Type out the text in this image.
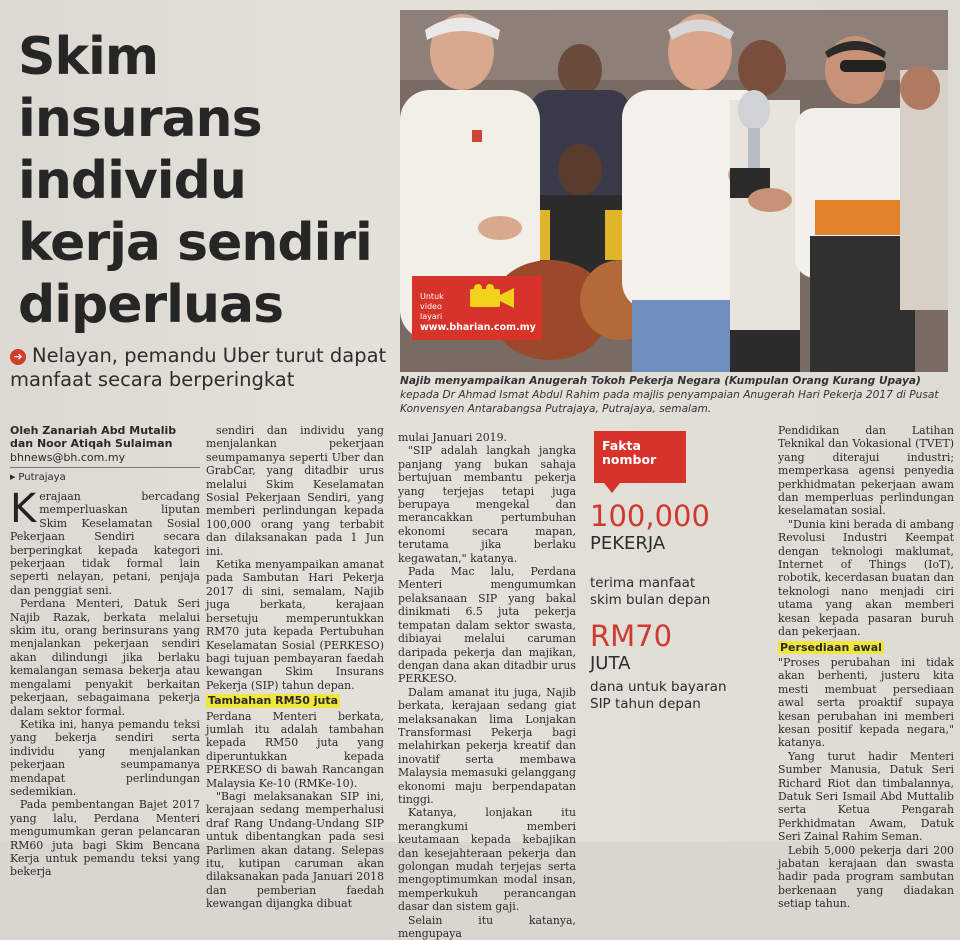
Skim insurans individu kerja sendiri diperluas
➔ Nelayan, pemandu Uber turut dapat manfaat secara berperingkat
Untuk video layari
www.bharian.com.my
Najib menyampaikan Anugerah Tokoh Pekerja Negara (Kumpulan Orang Kurang Upaya) kepada Dr Ahmad Ismat Abdul Rahim pada majlis penyampaian Anugerah Hari Pekerja 2017 di Pusat Konvensyen Antarabangsa Putrajaya, Putrajaya, semalam.
Oleh Zanariah Abd Mutalib dan Noor Atiqah Sulaiman
bhnews@bh.com.my
▶ Putrajaya

Kerajaan bercadang memperluaskan liputan Skim Keselamatan Sosial Pekerjaan Sendiri secara berperingkat kepada kategori pekerjaan tidak formal lain seperti nelayan, petani, penjaja dan penggiat seni.

Perdana Menteri, Datuk Seri Najib Razak, berkata melalui skim itu, orang berinsurans yang menjalankan pekerjaan sendiri akan dilindungi jika berlaku kemalangan semasa bekerja atau mengalami penyakit berkaitan pekerjaan, sebagaimana pekerja dalam sektor formal.

Ketika ini, hanya pemandu teksi yang bekerja sendiri serta individu yang menjalankan pekerjaan seumpamanya mendapat perlindungan sedemikian.

Pada pembentangan Bajet 2017 yang lalu, Perdana Menteri mengumumkan geran pelancaran RM60 juta bagi Skim Bencana Kerja untuk pemandu teksi yang bekerja

sendiri dan individu yang menjalankan pekerjaan seumpamanya seperti Uber dan GrabCar, yang ditadbir urus melalui Skim Keselamatan Sosial Pekerjaan Sendiri, yang memberi perlindungan kepada 100,000 orang yang terbabit dan dilaksanakan pada 1 Jun ini.

Ketika menyampaikan amanat pada Sambutan Hari Pekerja 2017 di sini, semalam, Najib juga berkata, kerajaan bersetuju memperuntukkan RM70 juta kepada Pertubuhan Keselamatan Sosial (PERKESO) bagi tujuan pembayaran faedah kewangan Skim Insurans Pekerja (SIP) tahun depan.

Tambahan RM50 juta

Perdana Menteri berkata, jumlah itu adalah tambahan kepada RM50 juta yang diperuntukkan kepada PERKESO di bawah Rancangan Malaysia Ke-10 (RMKe-10).

"Bagi melaksanakan SIP ini, kerajaan sedang memperhalusi draf Rang Undang-Undang SIP untuk dibentangkan pada sesi Parlimen akan datang. Selepas itu, kutipan caruman akan dilaksanakan pada Januari 2018 dan pemberian faedah kewangan dijangka dibuat

mulai Januari 2019.

"SIP adalah langkah jangka panjang yang bukan sahaja bertujuan membantu pekerja yang terjejas tetapi juga berupaya mengekal dan merancakkan pertumbuhan ekonomi secara mapan, terutama jika berlaku kegawatan," katanya.

Pada Mac lalu, Perdana Menteri mengumumkan pelaksanaan SIP yang bakal dinikmati 6.5 juta pekerja tempatan dalam sektor swasta, dibiayai melalui caruman daripada pekerja dan majikan, dengan dana akan ditadbir urus PERKESO.

Dalam amanat itu juga, Najib berkata, kerajaan sedang giat melaksanakan lima Lonjakan Transformasi Pekerja bagi melahirkan pekerja kreatif dan inovatif serta membawa Malaysia memasuki gelanggang ekonomi maju berpendapatan tinggi.

Katanya, lonjakan itu merangkumi memberi keutamaan kepada kebajikan dan kesejahteraan pekerja dan golongan mudah terjejas serta mengoptimumkan modal insan, memperkukuh perancangan dasar dan sistem gaji.

Selain itu katanya, mengupaya

Fakta nombor
100,000
PEKERJA
terima manfaat skim bulan depan
RM70
JUTA
dana untuk bayaran SIP tahun depan

Pendidikan dan Latihan Teknikal dan Vokasional (TVET) yang diterajui industri; memperkasa agensi penyedia perkhidmatan pekerjaan awam dan memperluas perlindungan keselamatan sosial.

"Dunia kini berada di ambang Revolusi Industri Keempat dengan teknologi maklumat, Internet of Things (IoT), robotik, kecerdasan buatan dan teknologi nano menjadi ciri utama yang akan memberi kesan kepada pasaran buruh dan pekerjaan.

Persediaan awal

"Proses perubahan ini tidak akan berhenti, justeru kita mesti membuat persediaan awal serta proaktif supaya kesan perubahan ini memberi kesan positif kepada negara," katanya.

Yang turut hadir Menteri Sumber Manusia, Datuk Seri Richard Riot dan timbalannya, Datuk Seri Ismail Abd Muttalib serta Ketua Pengarah Perkhidmatan Awam, Datuk Seri Zainal Rahim Seman.

Lebih 5,000 pekerja dari 200 jabatan kerajaan dan swasta hadir pada program sambutan berkenaan yang diadakan setiap tahun.
